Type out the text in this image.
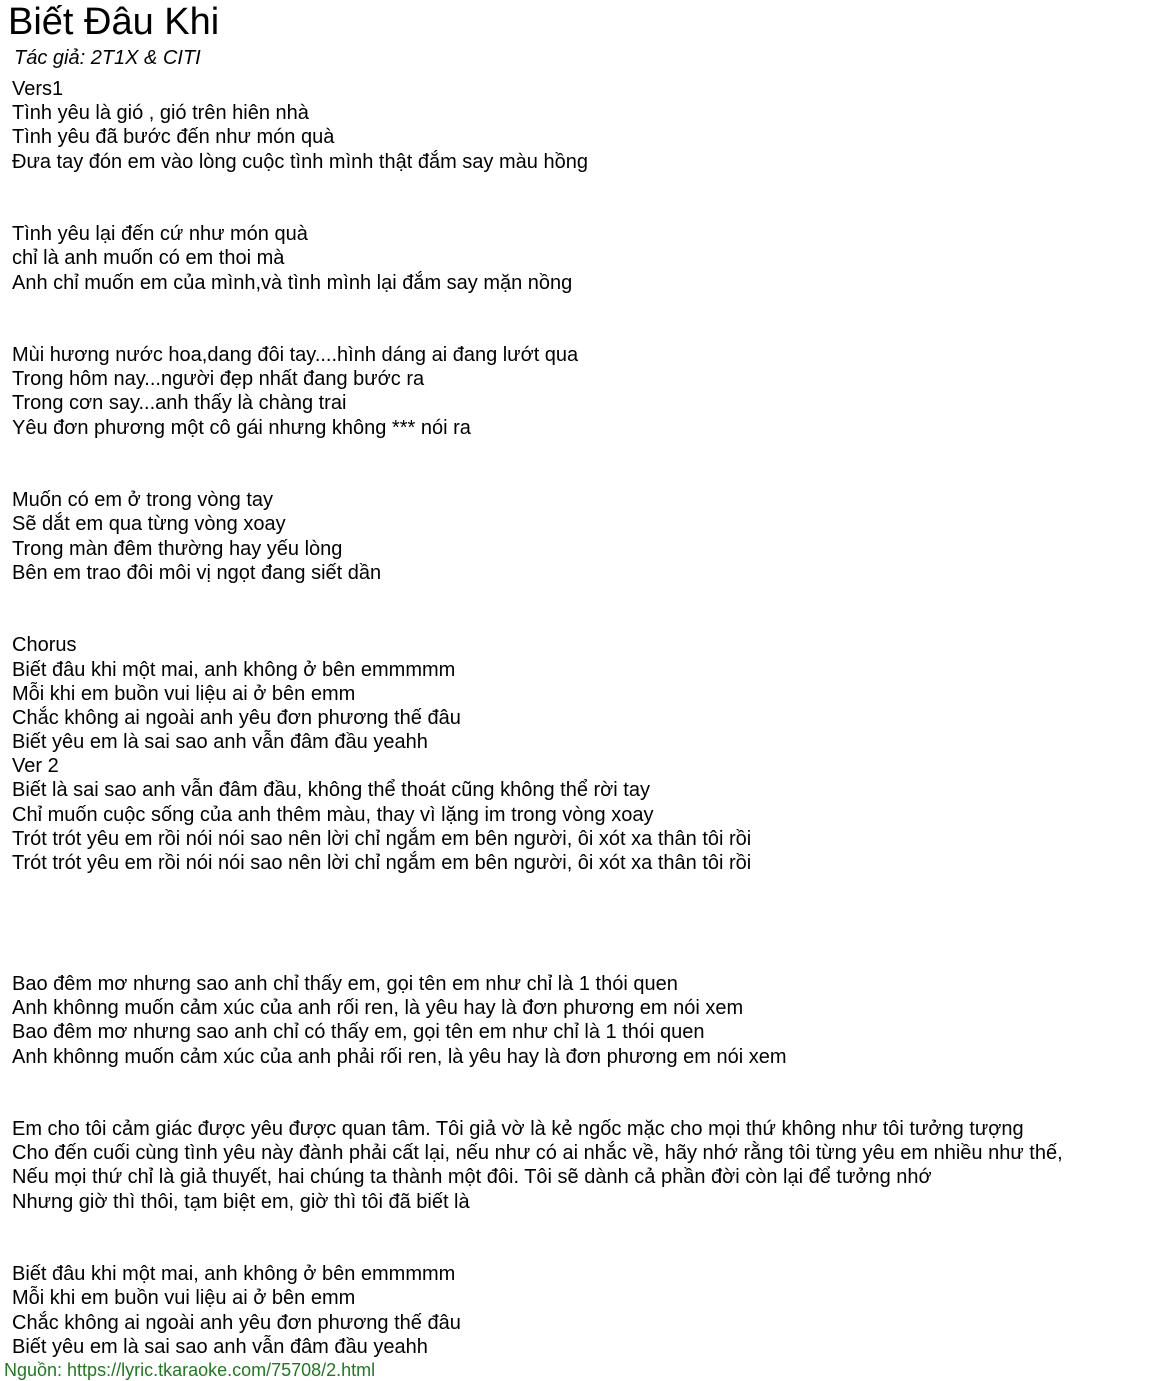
Biết Đâu Khi
Tác giả: 2T1X & CITI
Vers1
Tình yêu là gió , gió trên hiên nhà
Tình yêu đã bước đến như món quà
Đưa tay đón em vào lòng cuộc tình mình thật đắm say màu hồng
Tình yêu lại đến cứ như món quà
chỉ là anh muốn có em thoi mà
Anh chỉ muốn em của mình,và tình mình lại đắm say mặn nồng
Mùi hương nước hoa,dang đôi tay....hình dáng ai đang lướt qua
Trong hôm nay...người đẹp nhất đang bước ra
Trong cơn say...anh thấy là chàng trai
Yêu đơn phương một cô gái nhưng không *** nói ra
Muốn có em ở trong vòng tay
Sẽ dắt em qua từng vòng xoay
Trong màn đêm thường hay yếu lòng
Bên em trao đôi môi vị ngọt đang siết dần
Chorus
Biết đâu khi một mai, anh không ở bên emmmmm
Mỗi khi em buồn vui liệu ai ở bên emm
Chắc không ai ngoài anh yêu đơn phương thế đâu
Biết yêu em là sai sao anh vẫn đâm đầu yeahh
Ver 2
Biết là sai sao anh vẫn đâm đầu, không thể thoát cũng không thể rời tay
Chỉ muốn cuộc sống của anh thêm màu, thay vì lặng im trong vòng xoay
Trót trót yêu em rồi nói nói sao nên lời chỉ ngắm em bên người, ôi xót xa thân tôi rồi
Trót trót yêu em rồi nói nói sao nên lời chỉ ngắm em bên người, ôi xót xa thân tôi rồi
Bao đêm mơ nhưng sao anh chỉ thấy em, gọi tên em như chỉ là 1 thói quen
Anh khônng muốn cảm xúc của anh rối ren, là yêu hay là đơn phương em nói xem
Bao đêm mơ nhưng sao anh chỉ có thấy em, gọi tên em như chỉ là 1 thói quen
Anh khônng muốn cảm xúc của anh phải rối ren, là yêu hay là đơn phương em nói xem
Em cho tôi cảm giác được yêu được quan tâm. Tôi giả vờ là kẻ ngốc mặc cho mọi thứ không như tôi tưởng tượng
Cho đến cuối cùng tình yêu này đành phải cất lại, nếu như có ai nhắc về, hãy nhớ rằng tôi từng yêu em nhiều như thế,
Nếu mọi thứ chỉ là giả thuyết, hai chúng ta thành một đôi. Tôi sẽ dành cả phần đời còn lại để tưởng nhớ
Nhưng giờ thì thôi, tạm biệt em, giờ thì tôi đã biết là
Biết đâu khi một mai, anh không ở bên emmmmm
Mỗi khi em buồn vui liệu ai ở bên emm
Chắc không ai ngoài anh yêu đơn phương thế đâu
Biết yêu em là sai sao anh vẫn đâm đầu yeahh
Nguồn: https://lyric.tkaraoke.com/75708/2.html
